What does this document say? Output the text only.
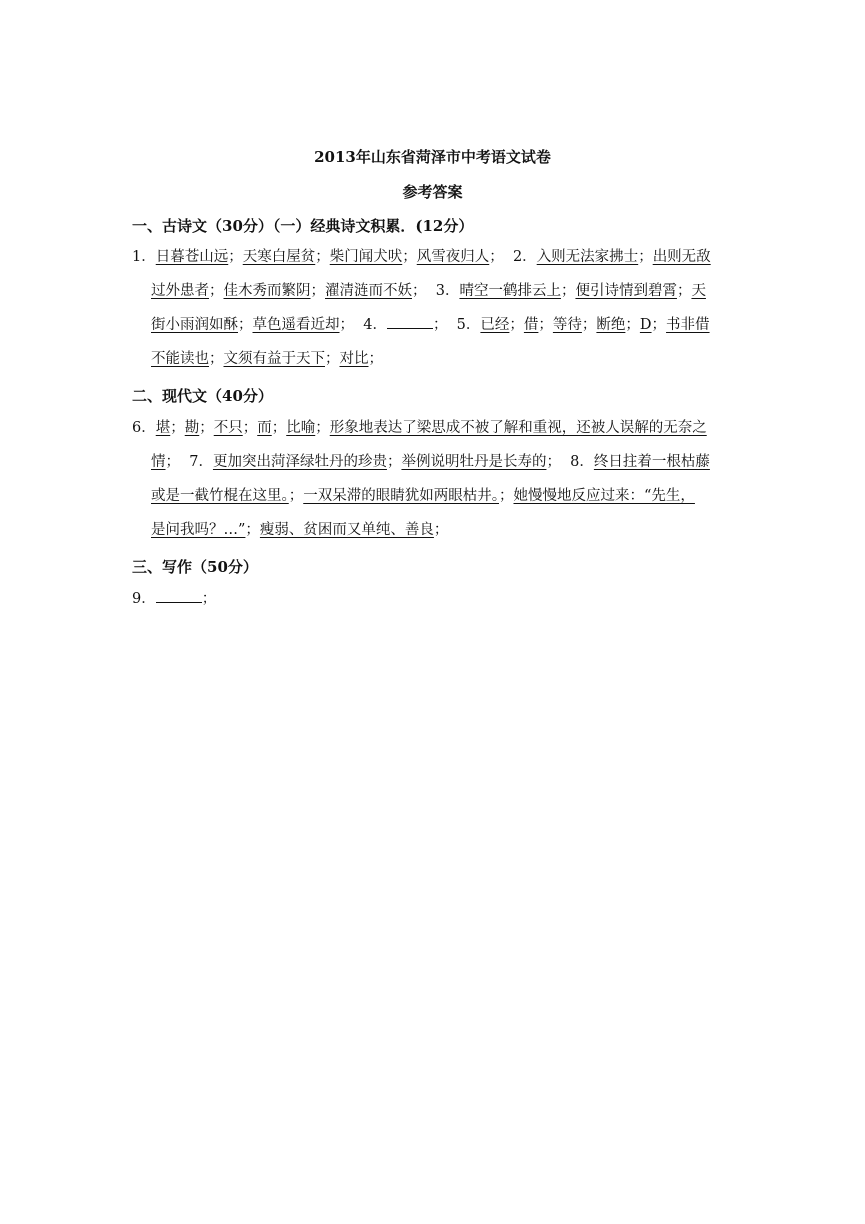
2013年山东省菏泽市中考语文试卷
参考答案
一、古诗文（30分）（一）经典诗文积累．(12分）
1．日暮苍山远；天寒白屋贫；柴门闻犬吠；风雪夜归人；  2．入则无法家拂士；出则无敌
过外患者；佳木秀而繁阴；濯清涟而不妖；  3．晴空一鹤排云上；便引诗情到碧霄；天
街小雨润如酥；草色遥看近却；  4．	；  5．已经；借；等待；断绝；D；书非借
不能读也；文须有益于天下；对比；
二、现代文（40分）
6．堪；勘；不只；而；比喻；形象地表达了梁思成不被了解和重视，还被人误解的无奈之
情；  7．更加突出菏泽绿牡丹的珍贵；举例说明牡丹是长寿的；  8．终日拄着一根枯藤
或是一截竹棍在这里。；一双呆滞的眼睛犹如两眼枯井。；她慢慢地反应过来：“先生，
是问我吗？…”；瘦弱、贫困而又单纯、善良；
三、写作（50分）
9．	；
